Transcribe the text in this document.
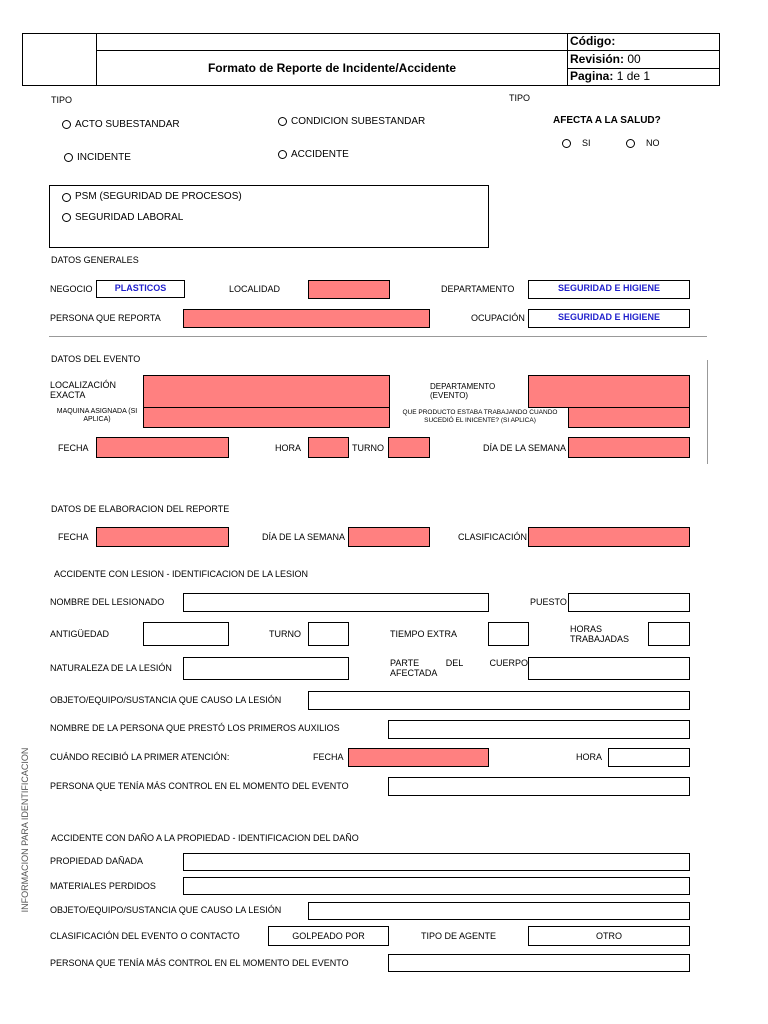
Formato de Reporte de Incidente/Accidente
Código:
Revisión: 00
Pagina: 1 de 1
TIPO	TIPO
ACTO SUBESTANDAR	CONDICION SUBESTANDAR	AFECTA A LA SALUD?
SI	NO
INCIDENTE	ACCIDENTE
PSM (SEGURIDAD DE PROCESOS)
SEGURIDAD LABORAL
DATOS GENERALES
NEGOCIO	PLASTICOS	LOCALIDAD	DEPARTAMENTO	SEGURIDAD E HIGIENE
PERSONA QUE REPORTA	OCUPACIÓN	SEGURIDAD E HIGIENE
DATOS DEL EVENTO
LOCALIZACIÓN EXACTA
DEPARTAMENTO (EVENTO)
MAQUINA ASIGNADA (SI APLICA)
QUE PRODUCTO ESTABA TRABAJANDO CUANDO SUCEDIÓ EL INICENTE? (SI APLICA)
FECHA	HORA	TURNO	DÍA DE LA SEMANA
DATOS DE ELABORACION DEL REPORTE
FECHA	DÍA DE LA SEMANA	CLASIFICACIÓN
ACCIDENTE CON LESION - IDENTIFICACION DE LA LESION
NOMBRE DEL LESIONADO	PUESTO
ANTIGÜEDAD	TURNO	TIEMPO EXTRA	HORAS TRABAJADAS
NATURALEZA DE LA LESIÓN	PARTE DEL CUERPO AFECTADA
OBJETO/EQUIPO/SUSTANCIA QUE CAUSO LA LESIÓN
NOMBRE DE LA PERSONA QUE PRESTÓ LOS PRIMEROS AUXILIOS
CUÁNDO RECIBIÓ LA PRIMER ATENCIÓN:	FECHA	HORA
PERSONA QUE TENÍA MÁS CONTROL EN EL MOMENTO DEL EVENTO
ACCIDENTE CON DAÑO A LA PROPIEDAD - IDENTIFICACION DEL DAÑO
PROPIEDAD DAÑADA
MATERIALES PERDIDOS
OBJETO/EQUIPO/SUSTANCIA QUE CAUSO LA LESIÓN
CLASIFICACIÓN DEL EVENTO O CONTACTO	GOLPEADO POR	TIPO DE AGENTE	OTRO
PERSONA QUE TENÍA MÁS CONTROL EN EL MOMENTO DEL EVENTO
INFORMACION PARA IDENTIFICACION
